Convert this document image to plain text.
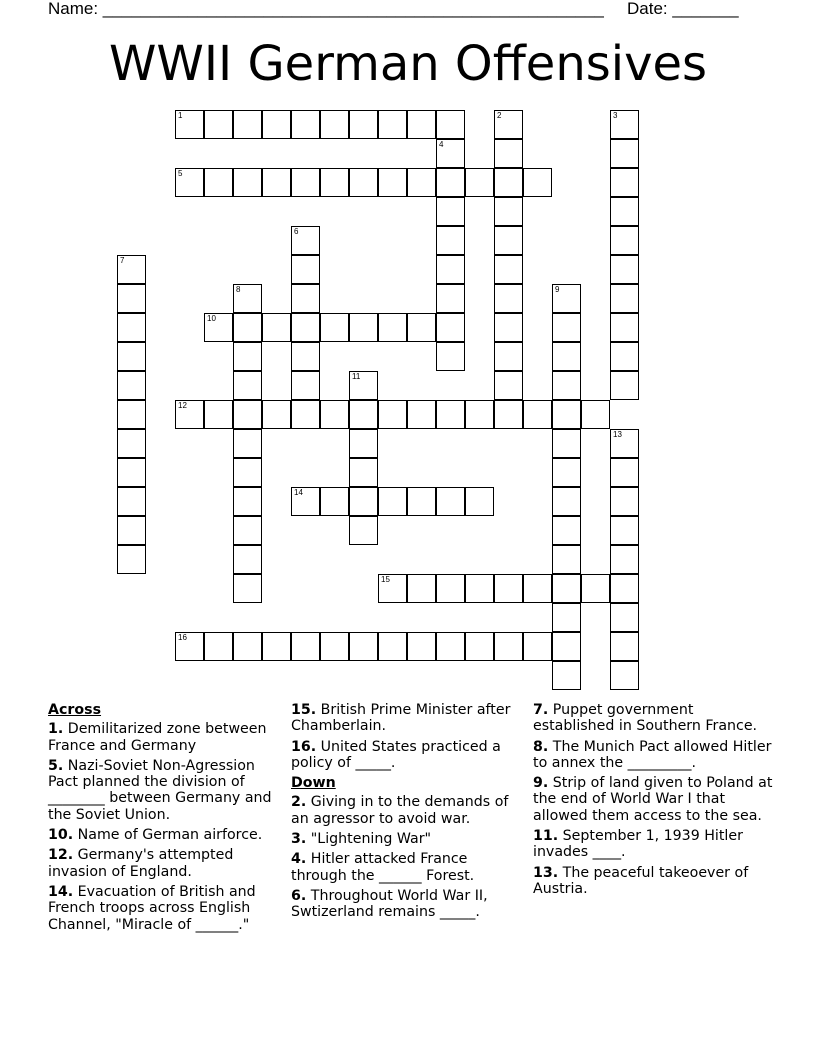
Name: _____________________________________________________ Date: _______
WWII German Offensives
1	2	3
4
5
6
7
8	9
10
11
12
13
14
15
16
Across
1. Demilitarized zone between France and Germany
5. Nazi-Soviet Non-Agression Pact planned the division of ________ between Germany and the Soviet Union.
10. Name of German airforce.
12. Germany's attempted invasion of England.
14. Evacuation of British and French troops across English Channel, "Miracle of ______."
15. British Prime Minister after Chamberlain.
16. United States practiced a policy of _____.
Down
2. Giving in to the demands of an agressor to avoid war.
3. "Lightening War"
4. Hitler attacked France through the ______ Forest.
6. Throughout World War II, Swtizerland remains _____.
7. Puppet government established in Southern France.
8. The Munich Pact allowed Hitler to annex the _________.
9. Strip of land given to Poland at the end of World War I that allowed them access to the sea.
11. September 1, 1939 Hitler invades ____.
13. The peaceful takeoever of Austria.
